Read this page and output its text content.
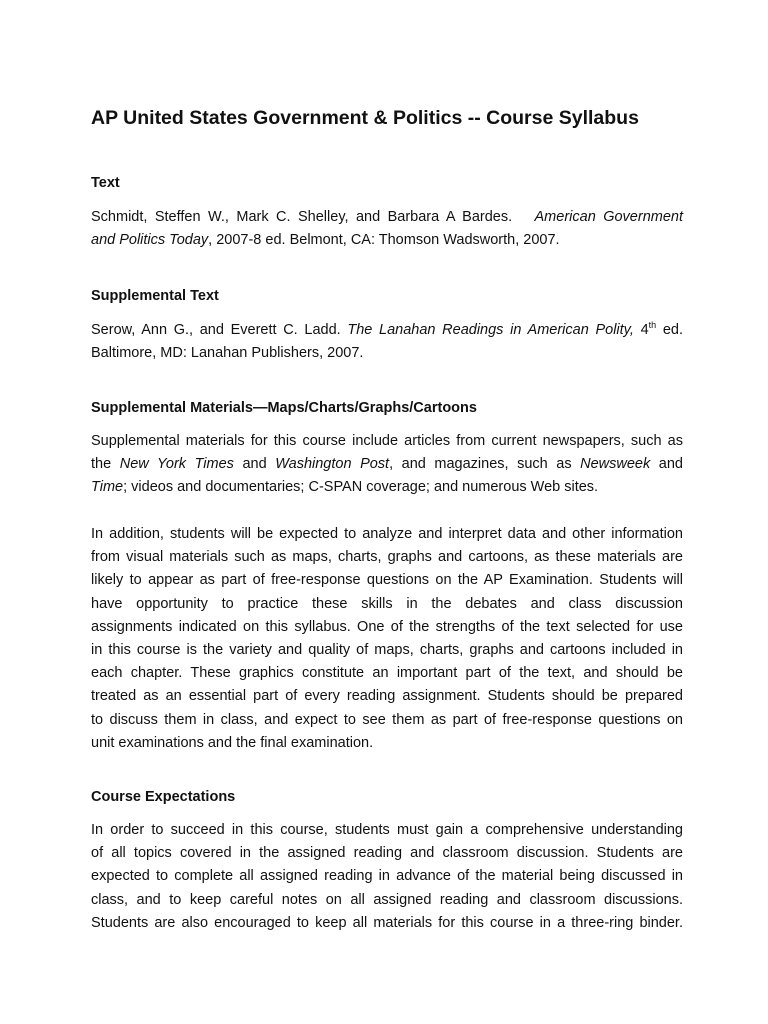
AP United States Government & Politics -- Course Syllabus
Text
Schmidt, Steffen W., Mark C. Shelley, and Barbara A Bardes. American Government
and Politics Today, 2007-8 ed. Belmont, CA: Thomson Wadsworth, 2007.
Supplemental Text
Serow, Ann G., and Everett C. Ladd. The Lanahan Readings in American Polity, 4th ed.
Baltimore, MD: Lanahan Publishers, 2007.
Supplemental Materials—Maps/Charts/Graphs/Cartoons
Supplemental materials for this course include articles from current newspapers, such as
the New York Times and Washington Post, and magazines, such as Newsweek and
Time; videos and documentaries; C-SPAN coverage; and numerous Web sites.
In addition, students will be expected to analyze and interpret data and other information
from visual materials such as maps, charts, graphs and cartoons, as these materials are
likely to appear as part of free-response questions on the AP Examination. Students will
have opportunity to practice these skills in the debates and class discussion
assignments indicated on this syllabus. One of the strengths of the text selected for use
in this course is the variety and quality of maps, charts, graphs and cartoons included in
each chapter. These graphics constitute an important part of the text, and should be
treated as an essential part of every reading assignment. Students should be prepared
to discuss them in class, and expect to see them as part of free-response questions on
unit examinations and the final examination.
Course Expectations
In order to succeed in this course, students must gain a comprehensive understanding
of all topics covered in the assigned reading and classroom discussion. Students are
expected to complete all assigned reading in advance of the material being discussed in
class, and to keep careful notes on all assigned reading and classroom discussions.
Students are also encouraged to keep all materials for this course in a three-ring binder.
